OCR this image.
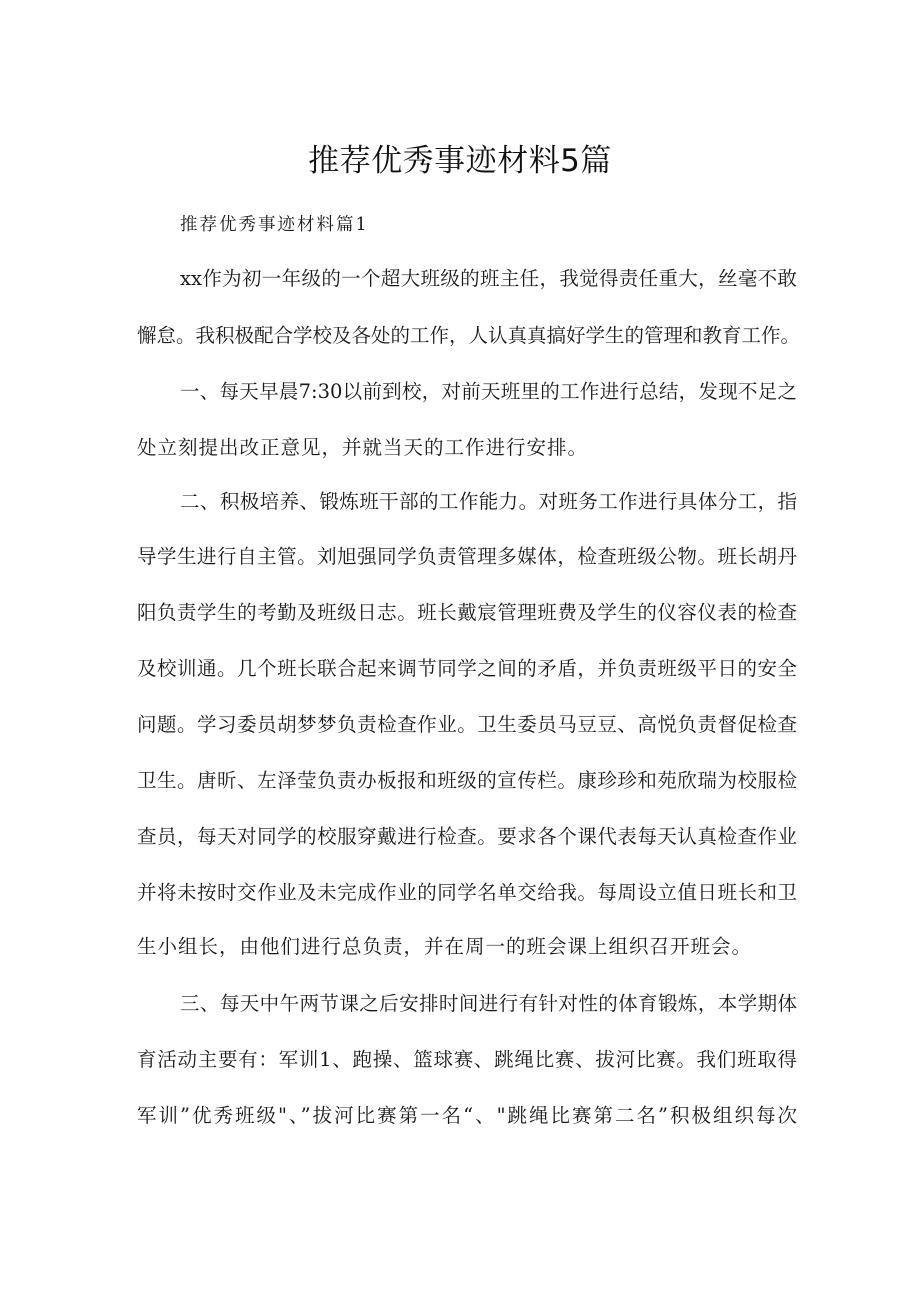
推荐优秀事迹材料5篇

推荐优秀事迹材料篇1

xx作为初一年级的一个超大班级的班主任，我觉得责任重大，丝毫不敢

懈怠。我积极配合学校及各处的工作，人认真真搞好学生的管理和教育工作。

一、每天早晨7:30以前到校，对前天班里的工作进行总结，发现不足之

处立刻提出改正意见，并就当天的工作进行安排。

二、积极培养、锻炼班干部的工作能力。对班务工作进行具体分工，指

导学生进行自主管。刘旭强同学负责管理多媒体，检查班级公物。班长胡丹

阳负责学生的考勤及班级日志。班长戴宸管理班费及学生的仪容仪表的检查

及校训通。几个班长联合起来调节同学之间的矛盾，并负责班级平日的安全

问题。学习委员胡梦梦负责检查作业。卫生委员马豆豆、高悦负责督促检查

卫生。唐昕、左泽莹负责办板报和班级的宣传栏。康珍珍和苑欣瑞为校服检

查员，每天对同学的校服穿戴进行检查。要求各个课代表每天认真检查作业

并将未按时交作业及未完成作业的同学名单交给我。每周设立值日班长和卫

生小组长，由他们进行总负责，并在周一的班会课上组织召开班会。

三、每天中午两节课之后安排时间进行有针对性的体育锻炼，本学期体

育活动主要有：军训1、跑操、篮球赛、跳绳比赛、拔河比赛。我们班取得

军训”优秀班级"、”拔河比赛第一名“、"跳绳比赛第二名”积极组织每次
